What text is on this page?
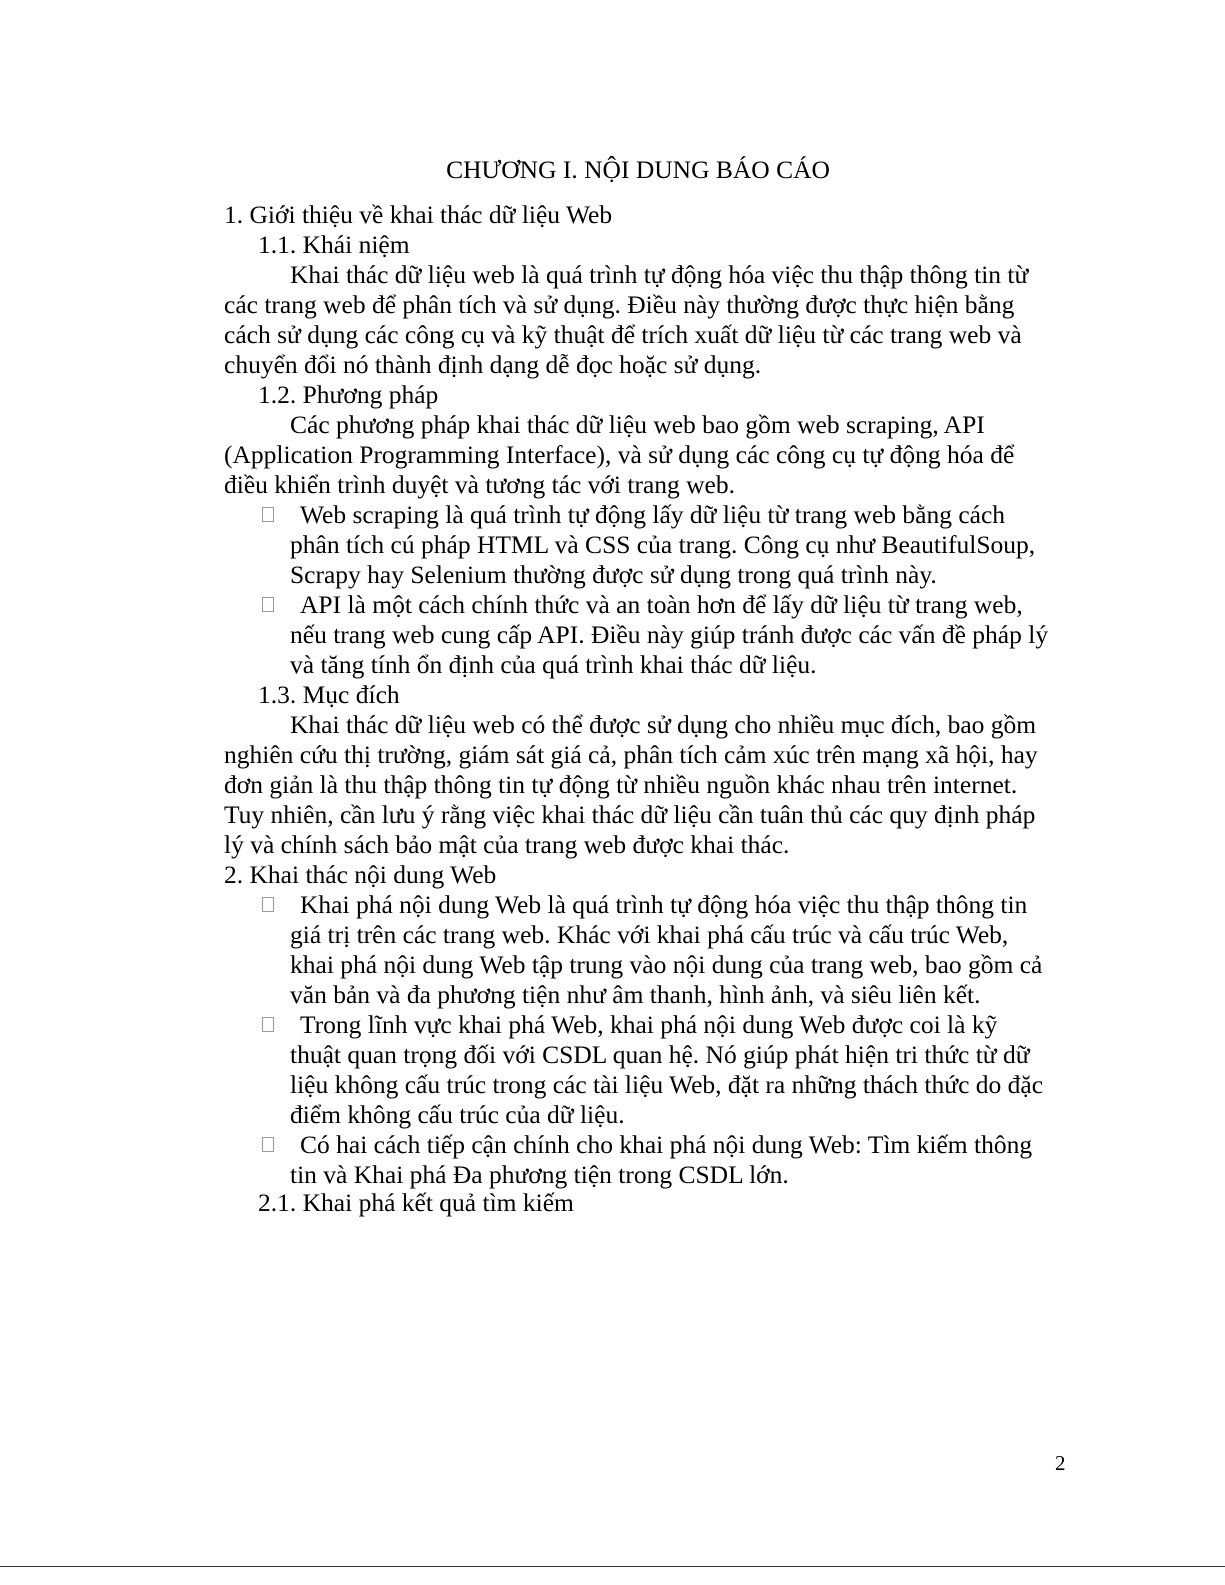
CHƯƠNG I. NỘI DUNG BÁO CÁO

1. Giới thiệu về khai thác dữ liệu Web

1.1. Khái niệm

Khai thác dữ liệu web là quá trình tự động hóa việc thu thập thông tin từ

các trang web để phân tích và sử dụng. Điều này thường được thực hiện bằng

cách sử dụng các công cụ và kỹ thuật để trích xuất dữ liệu từ các trang web và

chuyển đổi nó thành định dạng dễ đọc hoặc sử dụng.

1.2. Phương pháp

Các phương pháp khai thác dữ liệu web bao gồm web scraping, API

(Application Programming Interface), và sử dụng các công cụ tự động hóa để

điều khiển trình duyệt và tương tác với trang web.

Web scraping là quá trình tự động lấy dữ liệu từ trang web bằng cách

phân tích cú pháp HTML và CSS của trang. Công cụ như BeautifulSoup,

Scrapy hay Selenium thường được sử dụng trong quá trình này.

API là một cách chính thức và an toàn hơn để lấy dữ liệu từ trang web,

nếu trang web cung cấp API. Điều này giúp tránh được các vấn đề pháp lý

và tăng tính ổn định của quá trình khai thác dữ liệu.

1.3. Mục đích

Khai thác dữ liệu web có thể được sử dụng cho nhiều mục đích, bao gồm

nghiên cứu thị trường, giám sát giá cả, phân tích cảm xúc trên mạng xã hội, hay

đơn giản là thu thập thông tin tự động từ nhiều nguồn khác nhau trên internet.

Tuy nhiên, cần lưu ý rằng việc khai thác dữ liệu cần tuân thủ các quy định pháp

lý và chính sách bảo mật của trang web được khai thác.

2. Khai thác nội dung Web

Khai phá nội dung Web là quá trình tự động hóa việc thu thập thông tin

giá trị trên các trang web. Khác với khai phá cấu trúc và cấu trúc Web,

khai phá nội dung Web tập trung vào nội dung của trang web, bao gồm cả

văn bản và đa phương tiện như âm thanh, hình ảnh, và siêu liên kết.

Trong lĩnh vực khai phá Web, khai phá nội dung Web được coi là kỹ

thuật quan trọng đối với CSDL quan hệ. Nó giúp phát hiện tri thức từ dữ

liệu không cấu trúc trong các tài liệu Web, đặt ra những thách thức do đặc

điểm không cấu trúc của dữ liệu.

Có hai cách tiếp cận chính cho khai phá nội dung Web: Tìm kiếm thông

tin và Khai phá Đa phương tiện trong CSDL lớn.

2.1. Khai phá kết quả tìm kiếm

2
